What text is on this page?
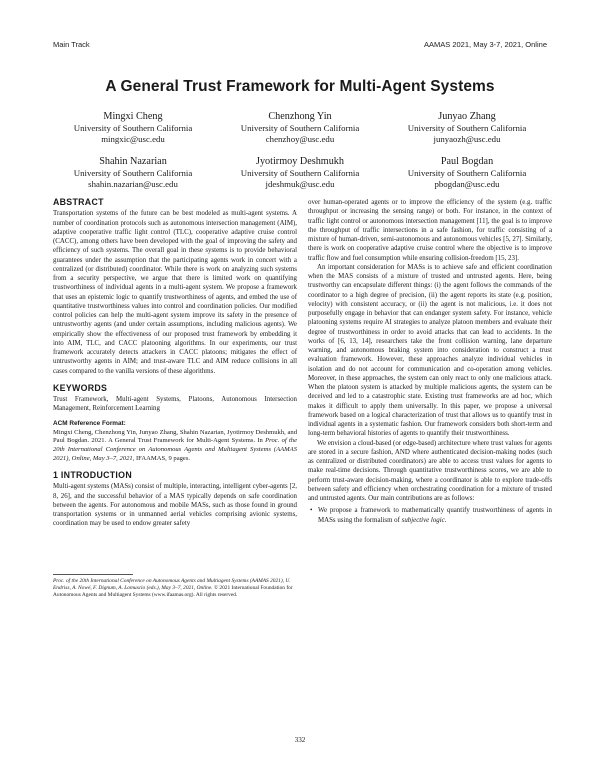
Main Track	AAMAS 2021, May 3-7, 2021, Online
A General Trust Framework for Multi-Agent Systems
Mingxi Cheng
University of Southern California
mingxic@usc.edu
Chenzhong Yin
University of Southern California
chenzhoy@usc.edu
Junyao Zhang
University of Southern California
junyaozh@usc.edu
Shahin Nazarian
University of Southern California
shahin.nazarian@usc.edu
Jyotirmoy Deshmukh
University of Southern California
jdeshmuk@usc.edu
Paul Bogdan
University of Southern California
pbogdan@usc.edu
ABSTRACT

Transportation systems of the future can be best modeled as multi-agent systems. A number of coordination protocols such as autonomous intersection management (AIM), adaptive cooperative traffic light control (TLC), cooperative adaptive cruise control (CACC), among others have been developed with the goal of improving the safety and efficiency of such systems. The overall goal in these systems is to provide behavioral guarantees under the assumption that the participating agents work in concert with a centralized (or distributed) coordinator. While there is work on analyzing such systems from a security perspective, we argue that there is limited work on quantifying trustworthiness of individual agents in a multi-agent system. We propose a framework that uses an epistemic logic to quantify trustworthiness of agents, and embed the use of quantitative trustworthiness values into control and coordination policies. Our modified control policies can help the multi-agent system improve its safety in the presence of untrustworthy agents (and under certain assumptions, including malicious agents). We empirically show the effectiveness of our proposed trust framework by embedding it into AIM, TLC, and CACC platooning algorithms. In our experiments, our trust framework accurately detects attackers in CACC platoons; mitigates the effect of untrustworthy agents in AIM; and trust-aware TLC and AIM reduce collisions in all cases compared to the vanilla versions of these algorithms.

KEYWORDS

Trust Framework, Multi-agent Systems, Platoons, Autonomous Intersection Management, Reinforcement Learning

ACM Reference Format:

Mingxi Cheng, Chenzhong Yin, Junyao Zhang, Shahin Nazarian, Jyotirmoy Deshmukh, and Paul Bogdan. 2021. A General Trust Framework for Multi-Agent Systems. In Proc. of the 20th International Conference on Autonomous Agents and Multiagent Systems (AAMAS 2021), Online, May 3–7, 2021, IFAAMAS, 9 pages.

1 INTRODUCTION

Multi-agent systems (MASs) consist of multiple, interacting, intelligent cyber-agents [2, 8, 26], and the successful behavior of a MAS typically depends on safe coordination between the agents. For autonomous and mobile MASs, such as those found in ground transportation systems or in unmanned aerial vehicles comprising avionic systems, coordination may be used to endow greater safety

Proc. of the 20th International Conference on Autonomous Agents and Multiagent Systems (AAMAS 2021), U. Endriss, A. Nowé, F. Dignum, A. Lomuscio (eds.), May 3–7, 2021, Online. © 2021 International Foundation for Autonomous Agents and Multiagent Systems (www.ifaamas.org). All rights reserved.

over human-operated agents or to improve the efficiency of the system (e.g. traffic throughput or increasing the sensing range) or both. For instance, in the context of traffic light control or autonomous intersection management [11], the goal is to improve the throughput of traffic intersections in a safe fashion, for traffic consisting of a mixture of human-driven, semi-autonomous and autonomous vehicles [5, 27]. Similarly, there is work on cooperative adaptive cruise control where the objective is to improve traffic flow and fuel consumption while ensuring collision-freedom [15, 23].

An important consideration for MASs is to achieve safe and efficient coordination when the MAS consists of a mixture of trusted and untrusted agents. Here, being trustworthy can encapsulate different things: (i) the agent follows the commands of the coordinator to a high degree of precision, (ii) the agent reports its state (e.g. position, velocity) with consistent accuracy, or (ii) the agent is not malicious, i.e. it does not purposefully engage in behavior that can endanger system safety. For instance, vehicle platooning systems require AI strategies to analyze platoon members and evaluate their degree of trustworthiness in order to avoid attacks that can lead to accidents. In the works of [6, 13, 14], researchers take the front collision warning, lane departure warning, and autonomous braking system into consideration to construct a trust evaluation framework. However, these approaches analyze individual vehicles in isolation and do not account for communication and co-operation among vehicles. Moreover, in these approaches, the system can only react to only one malicious attack. When the platoon system is attacked by multiple malicious agents, the system can be deceived and led to a catastrophic state. Existing trust frameworks are ad hoc, which makes it difficult to apply them universally. In this paper, we propose a universal framework based on a logical characterization of trust that allows us to quantify trust in individual agents in a systematic fashion. Our framework considers both short-term and long-term behavioral histories of agents to quantify their trustworthiness.

We envision a cloud-based (or edge-based) architecture where trust values for agents are stored in a secure fashion, AND where authenticated decision-making nodes (such as centralized or distributed coordinators) are able to access trust values for agents to make real-time decisions. Through quantitative trustworthiness scores, we are able to perform trust-aware decision-making, where a coordinator is able to explore trade-offs between safety and efficiency when orchestrating coordination for a mixture of trusted and untrusted agents. Our main contributions are as follows:

• We propose a framework to mathematically quantify trustworthiness of agents in MASs using the formalism of subjective logic.
332
